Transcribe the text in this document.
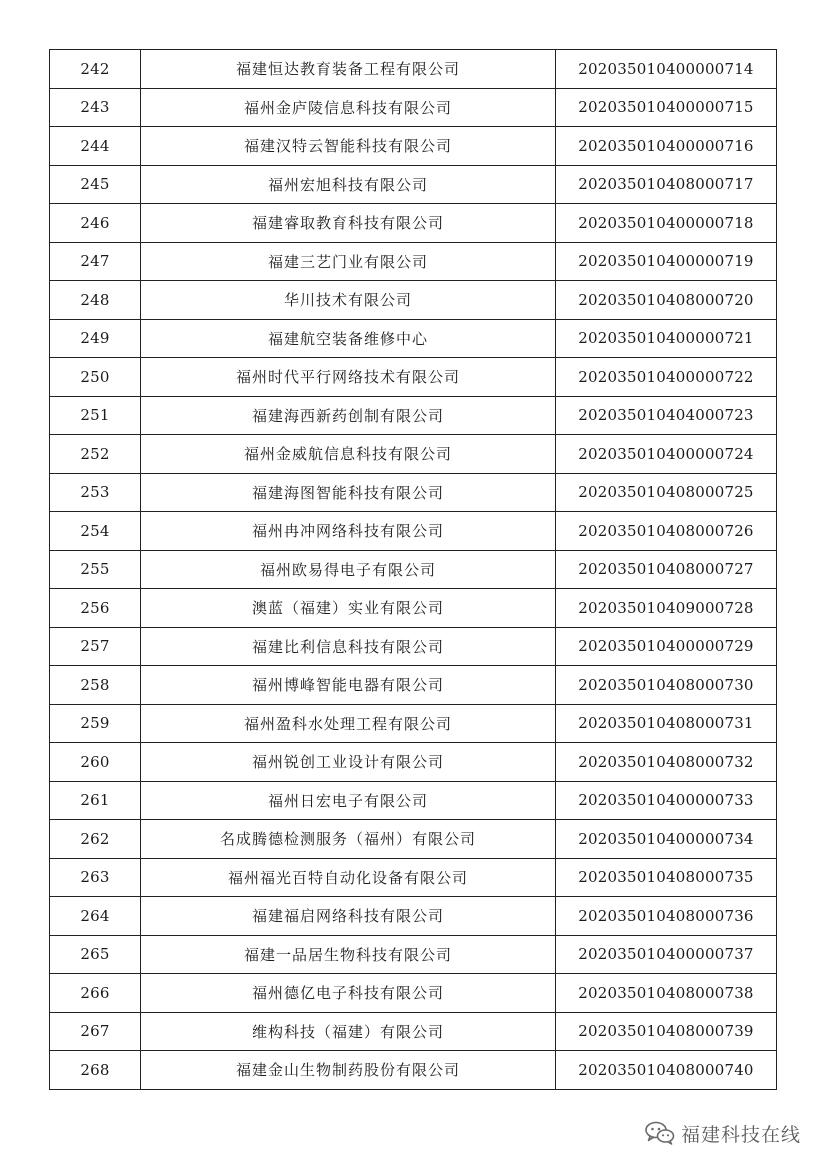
242	福建恒达教育装备工程有限公司	202035010400000714
243	福州金庐陵信息科技有限公司	202035010400000715
244	福建汉特云智能科技有限公司	202035010400000716
245	福州宏旭科技有限公司	202035010408000717
246	福建睿取教育科技有限公司	202035010400000718
247	福建三艺门业有限公司	202035010400000719
248	华川技术有限公司	202035010408000720
249	福建航空装备维修中心	202035010400000721
250	福州时代平行网络技术有限公司	202035010400000722
251	福建海西新药创制有限公司	202035010404000723
252	福州金威航信息科技有限公司	202035010400000724
253	福建海图智能科技有限公司	202035010408000725
254	福州冉冲网络科技有限公司	202035010408000726
255	福州欧易得电子有限公司	202035010408000727
256	澳蓝（福建）实业有限公司	202035010409000728
257	福建比利信息科技有限公司	202035010400000729
258	福州博峰智能电器有限公司	202035010408000730
259	福州盈科水处理工程有限公司	202035010408000731
260	福州锐创工业设计有限公司	202035010408000732
261	福州日宏电子有限公司	202035010400000733
262	名成腾德检测服务（福州）有限公司	202035010400000734
263	福州福光百特自动化设备有限公司	202035010408000735
264	福建福启网络科技有限公司	202035010408000736
265	福建一品居生物科技有限公司	202035010400000737
266	福州德亿电子科技有限公司	202035010408000738
267	维构科技（福建）有限公司	202035010408000739
268	福建金山生物制药股份有限公司	202035010408000740
福建科技在线
